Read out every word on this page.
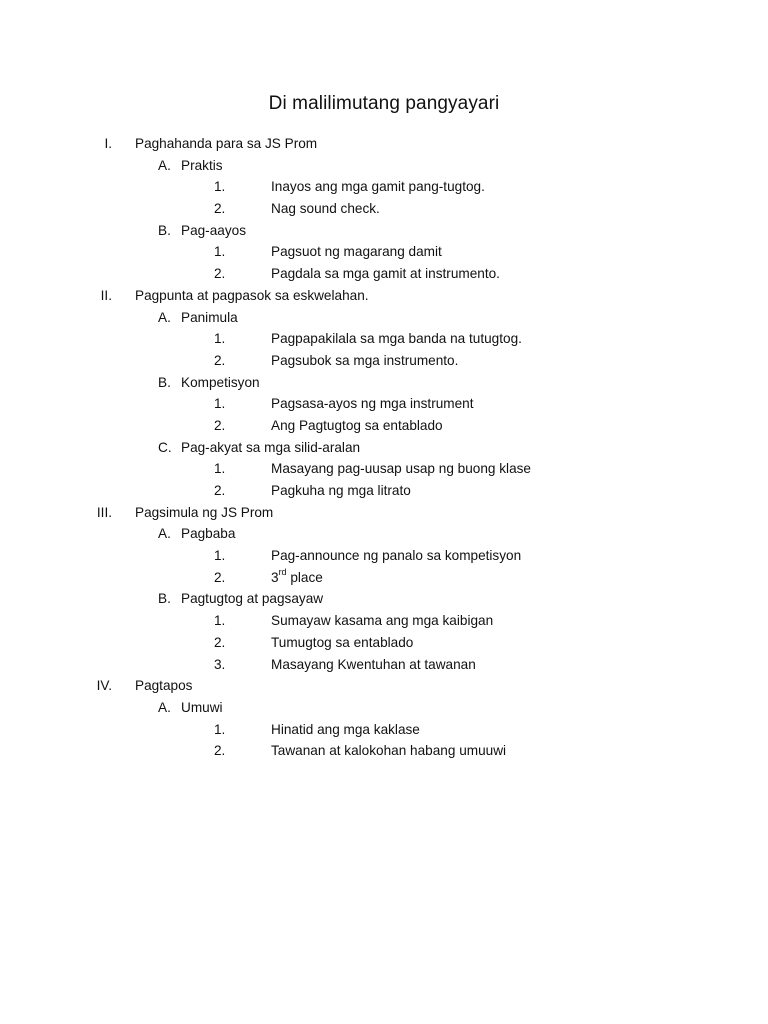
Di malilimutang pangyayari
I. Paghahanda para sa JS Prom
A. Praktis
1.	Inayos ang mga gamit pang-tugtog.
2.	Nag sound check.
B. Pag-aayos
1.	Pagsuot ng magarang damit
2.	Pagdala sa mga gamit at instrumento.
II. Pagpunta at pagpasok sa eskwelahan.
A. Panimula
1.	Pagpapakilala sa mga banda na tutugtog.
2.	Pagsubok sa mga instrumento.
B. Kompetisyon
1.	Pagsasa-ayos ng mga instrument
2.	Ang Pagtugtog sa entablado
C. Pag-akyat sa mga silid-aralan
1.	Masayang pag-uusap usap ng buong klase
2.	Pagkuha ng mga litrato
III. Pagsimula ng JS Prom
A. Pagbaba
1.	Pag-announce ng panalo sa kompetisyon
2.	3rd place
B. Pagtugtog at pagsayaw
1.	Sumayaw kasama ang mga kaibigan
2.	Tumugtog sa entablado
3.	Masayang Kwentuhan at tawanan
IV. Pagtapos
A. Umuwi
1.	Hinatid ang mga kaklase
2.	Tawanan at kalokohan habang umuuwi
